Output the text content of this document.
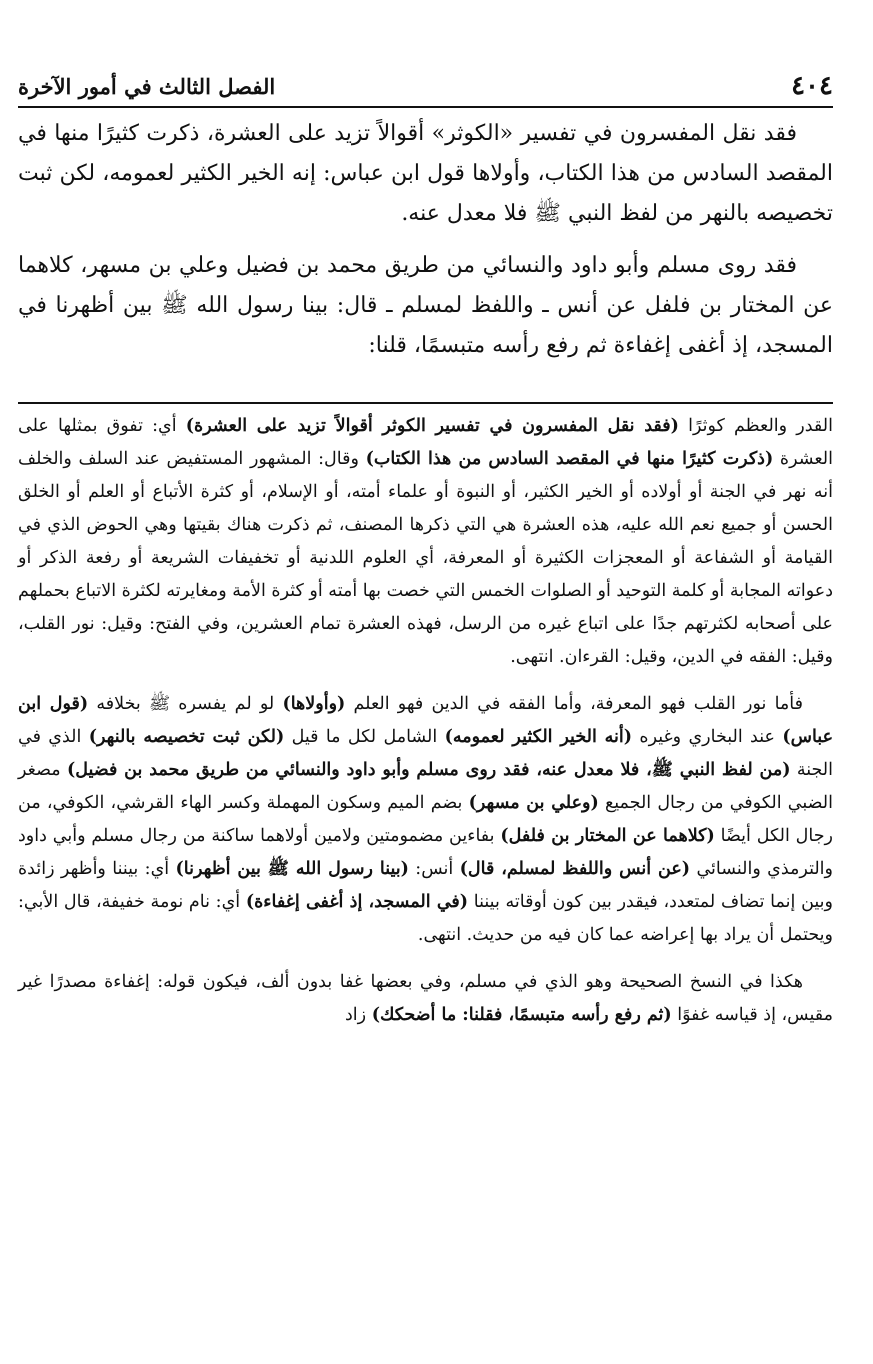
٤٠٤
الفصل الثالث في أمور الآخرة

فقد نقل المفسرون في تفسير «الكوثر» أقوالاً تزيد على العشرة، ذكرت كثيرًا منها في المقصد السادس من هذا الكتاب، وأولاها قول ابن عباس: إنه الخير الكثير لعمومه، لكن ثبت تخصيصه بالنهر من لفظ النبي ﷺ فلا معدل عنه.

فقد روى مسلم وأبو داود والنسائي من طريق محمد بن فضيل وعلي بن مسهر، كلاهما عن المختار بن فلفل عن أنس ـ واللفظ لمسلم ـ قال: بينا رسول الله ﷺ بين أظهرنا في المسجد، إذ أغفى إغفاءة ثم رفع رأسه متبسمًا، قلنا:

القدر والعظم كوثرًا (فقد نقل المفسرون في تفسير الكوثر أقوالاً تزيد على العشرة) أي: تفوق بمثلها على العشرة (ذكرت كثيرًا منها في المقصد السادس من هذا الكتاب) وقال: المشهور المستفيض عند السلف والخلف أنه نهر في الجنة أو أولاده أو الخير الكثير، أو النبوة أو علماء أمته، أو الإسلام، أو كثرة الأتباع أو العلم أو الخلق الحسن أو جميع نعم الله عليه، هذه العشرة هي التي ذكرها المصنف، ثم ذكرت هناك بقيتها وهي الحوض الذي في القيامة أو الشفاعة أو المعجزات الكثيرة أو المعرفة، أي العلوم اللدنية أو تخفيفات الشريعة أو رفعة الذكر أو دعواته المجابة أو كلمة التوحيد أو الصلوات الخمس التي خصت بها أمته أو كثرة الأمة ومغايرته لكثرة الاتباع بحملهم على أصحابه لكثرتهم جدًا على اتباع غيره من الرسل، فهذه العشرة تمام العشرين، وفي الفتح: وقيل: نور القلب، وقيل: الفقه في الدين، وقيل: القرءان. انتهى.

فأما نور القلب فهو المعرفة، وأما الفقه في الدين فهو العلم (وأولاها) لو لم يفسره ﷺ بخلافه (قول ابن عباس) عند البخاري وغيره (أنه الخير الكثير لعمومه) الشامل لكل ما قيل (لكن ثبت تخصيصه بالنهر) الذي في الجنة (من لفظ النبي ﷺ، فلا معدل عنه، فقد روى مسلم وأبو داود والنسائي من طريق محمد بن فضيل) مصغر الضبي الكوفي من رجال الجميع (وعلي بن مسهر) بضم الميم وسكون المهملة وكسر الهاء القرشي، الكوفي، من رجال الكل أيضًا (كلاهما عن المختار بن فلفل) بفاءين مضمومتين ولامين أولاهما ساكنة من رجال مسلم وأبي داود والترمذي والنسائي (عن أنس واللفظ لمسلم، قال) أنس: (بينا رسول الله ﷺ بين أظهرنا) أي: بيننا وأظهر زائدة وبين إنما تضاف لمتعدد، فيقدر بين كون أوقاته بيننا (في المسجد، إذ أغفى إغفاءة) أي: نام نومة خفيفة، قال الأبي: ويحتمل أن يراد بها إعراضه عما كان فيه من حديث. انتهى.

هكذا في النسخ الصحيحة وهو الذي في مسلم، وفي بعضها غفا بدون ألف، فيكون قوله: إغفاءة مصدرًا غير مقيس، إذ قياسه غفوًا (ثم رفع رأسه متبسمًا، فقلنا: ما أضحكك) زاد
